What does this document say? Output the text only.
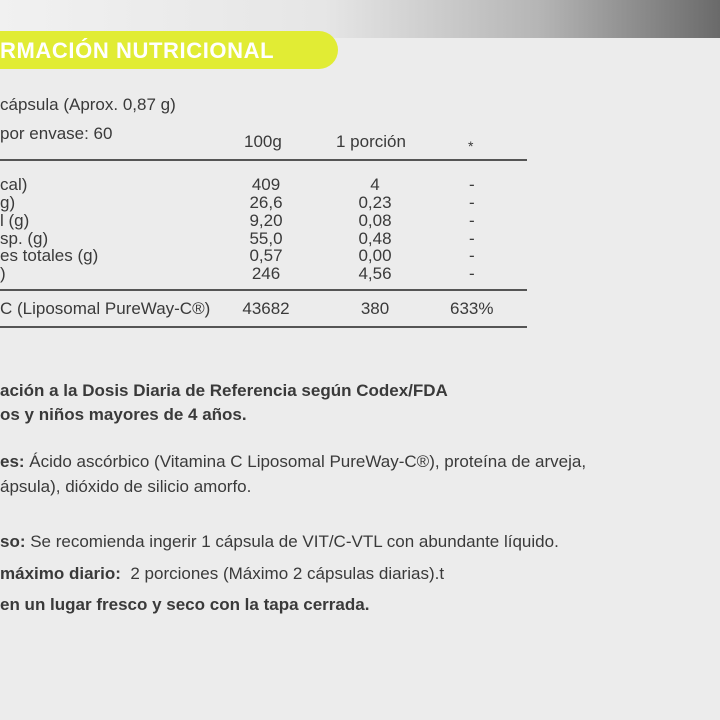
RMACIÓN NUTRICIONAL
cápsula (Aprox. 0,87 g)
por envase: 60	100g	1 porción	*
cal)	409	4	-
g)	26,6	0,23	-
l (g)	9,20	0,08	-
sp. (g)	55,0	0,48	-
es totales (g)	0,57	0,00	-
)	246	4,56	-
C (Liposomal PureWay-C®)	43682	380	633%
ación a la Dosis Diaria de Referencia según Codex/FDA
os y niños mayores de 4 años.
es: Ácido ascórbico (Vitamina C Liposomal PureWay-C®), proteína de arveja,
ápsula), dióxido de silicio amorfo.
so: Se recomienda ingerir 1 cápsula de VIT/C-VTL con abundante líquido.
máximo diario:  2 porciones (Máximo 2 cápsulas diarias).t
en un lugar fresco y seco con la tapa cerrada.
